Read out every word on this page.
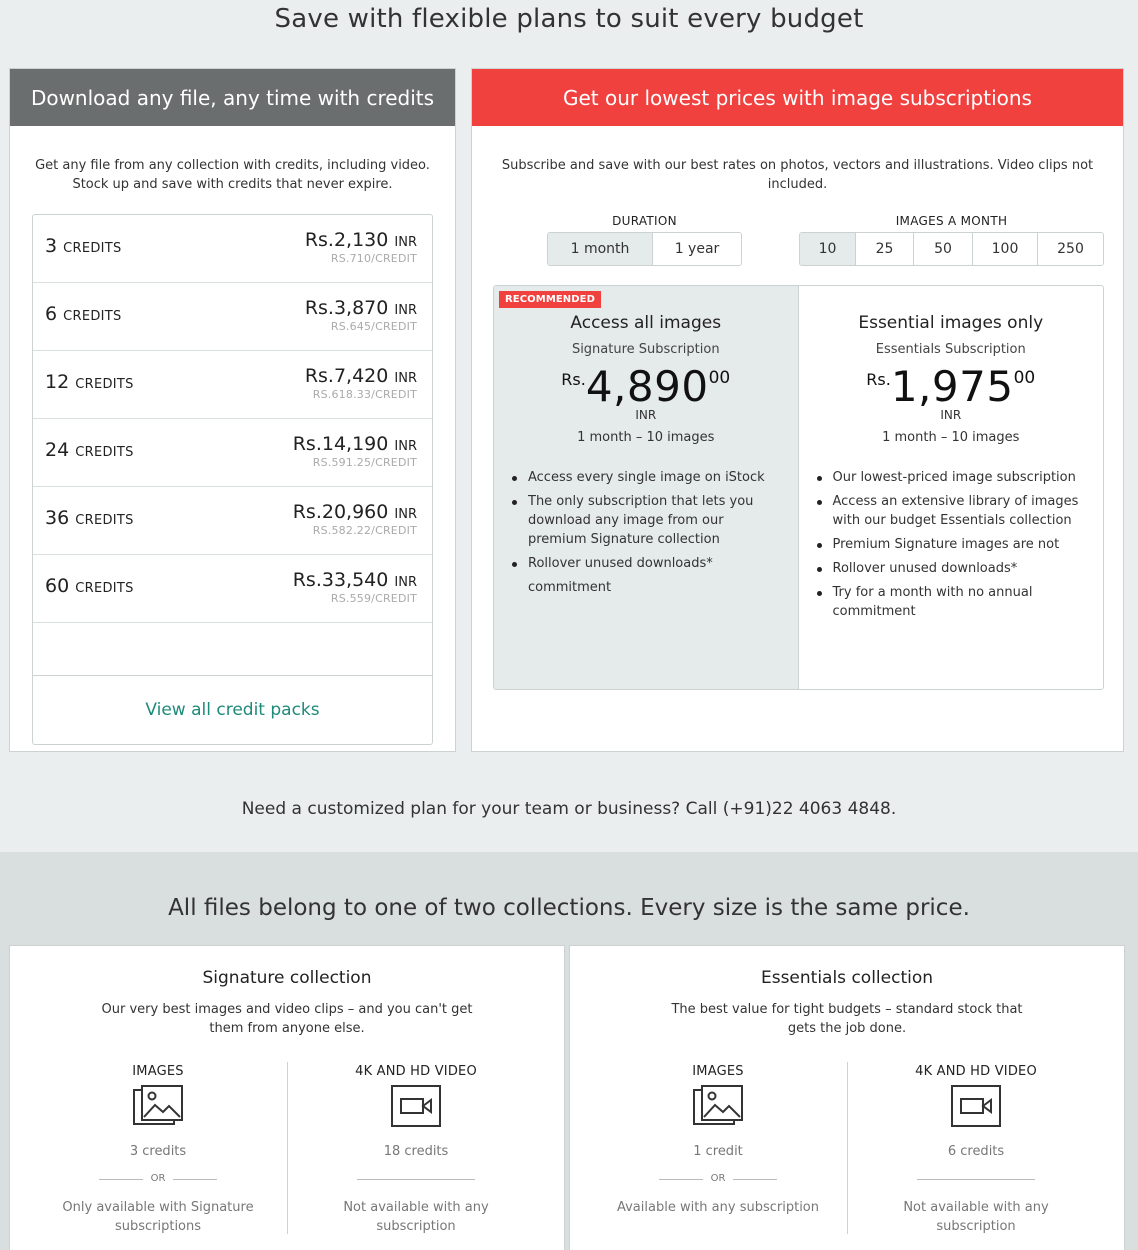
Save with flexible plans to suit every budget
Download any file, any time with credits
Get any file from any collection with credits, including video.
Stock up and save with credits that never expire.
3 CREDITS	Rs.2,130 INR
RS.710/CREDIT
6 CREDITS	Rs.3,870 INR
RS.645/CREDIT
12 CREDITS	Rs.7,420 INR
RS.618.33/CREDIT
24 CREDITS	Rs.14,190 INR
RS.591.25/CREDIT
36 CREDITS	Rs.20,960 INR
RS.582.22/CREDIT
60 CREDITS	Rs.33,540 INR
RS.559/CREDIT
View all credit packs
Get our lowest prices with image subscriptions
Subscribe and save with our best rates on photos, vectors and illustrations. Video clips not
included.
DURATION
1 month	1 year
IMAGES A MONTH
10	25	50	100	250
RECOMMENDED
Access all images
Signature Subscription
Rs.4,89000
INR
1 month – 10 images
Access every single image on iStock
The only subscription that lets you download any image from our premium Signature collection
Rollover unused downloads*
commitment
Essential images only
Essentials Subscription
Rs.1,97500
INR
1 month – 10 images
Our lowest-priced image subscription
Access an extensive library of images with our budget Essentials collection
Premium Signature images are not
Rollover unused downloads*
Try for a month with no annual commitment
Need a customized plan for your team or business? Call (+91)22 4063 4848.
All files belong to one of two collections. Every size is the same price.
Signature collection
Our very best images and video clips – and you can't get
them from anyone else.
IMAGES
3 credits
OR
Only available with Signature
subscriptions
4K AND HD VIDEO
18 credits
Not available with any
subscription
Essentials collection
The best value for tight budgets – standard stock that
gets the job done.
IMAGES
1 credit
OR
Available with any subscription
4K AND HD VIDEO
6 credits
Not available with any
subscription
